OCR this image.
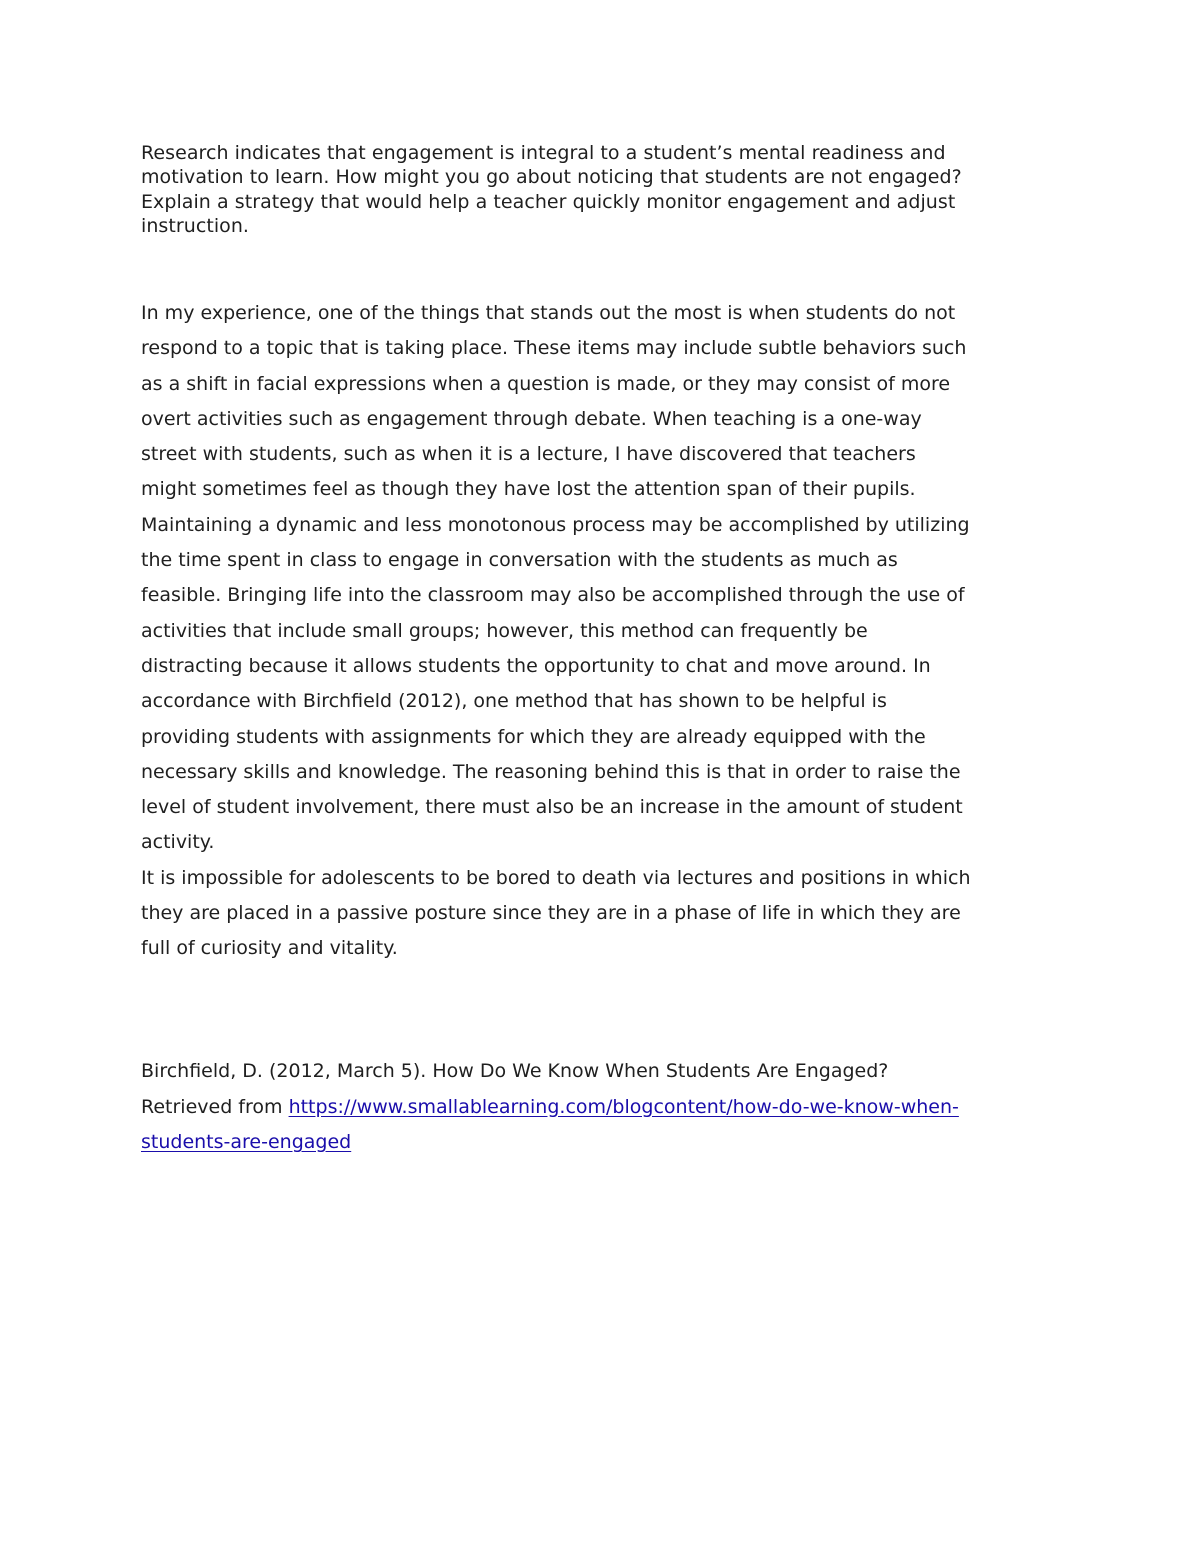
Research indicates that engagement is integral to a student’s mental readiness and
motivation to learn. How might you go about noticing that students are not engaged?
Explain a strategy that would help a teacher quickly monitor engagement and adjust
instruction.

In my experience, one of the things that stands out the most is when students do not
respond to a topic that is taking place. These items may include subtle behaviors such
as a shift in facial expressions when a question is made, or they may consist of more
overt activities such as engagement through debate. When teaching is a one-way
street with students, such as when it is a lecture, I have discovered that teachers
might sometimes feel as though they have lost the attention span of their pupils.
Maintaining a dynamic and less monotonous process may be accomplished by utilizing
the time spent in class to engage in conversation with the students as much as
feasible. Bringing life into the classroom may also be accomplished through the use of
activities that include small groups; however, this method can frequently be
distracting because it allows students the opportunity to chat and move around. In
accordance with Birchfield (2012), one method that has shown to be helpful is
providing students with assignments for which they are already equipped with the
necessary skills and knowledge. The reasoning behind this is that in order to raise the
level of student involvement, there must also be an increase in the amount of student
activity.
It is impossible for adolescents to be bored to death via lectures and positions in which
they are placed in a passive posture since they are in a phase of life in which they are
full of curiosity and vitality.

Birchfield, D. (2012, March 5). How Do We Know When Students Are Engaged?
Retrieved from https://www.smallablearning.com/blogcontent/how-do-we-know-when-
students-are-engaged
